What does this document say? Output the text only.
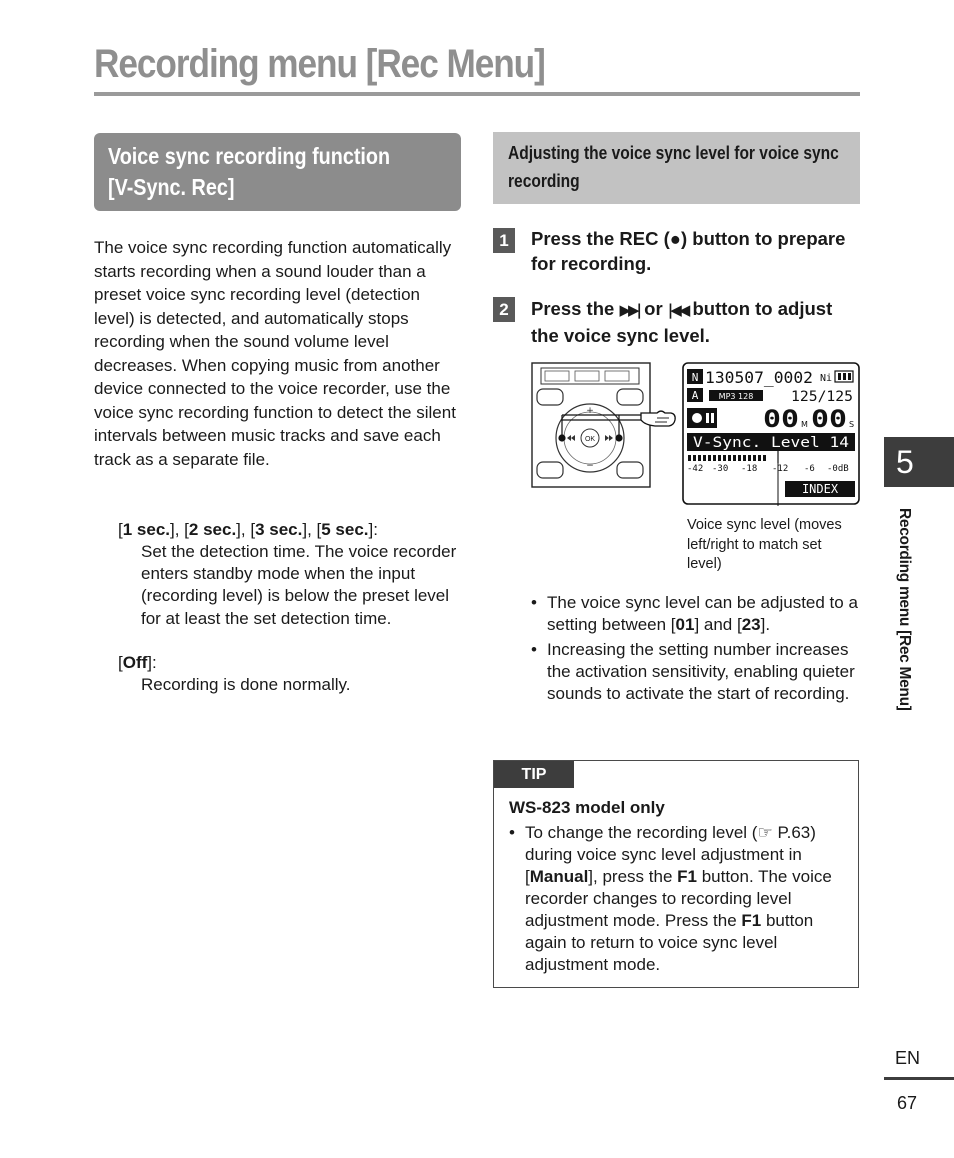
Recording menu [Rec Menu]
Voice sync recording function
[V-Sync. Rec]

The voice sync recording function automatically starts recording when a sound louder than a preset voice sync recording level (detection level) is detected, and automatically stops recording when the sound volume level decreases. When copying music from another device connected to the voice recorder, use the voice sync recording function to detect the silent intervals between music tracks and save each track as a separate file.

[1 sec.], [2 sec.], [3 sec.], [5 sec.]:

Set the detection time. The voice recorder enters standby mode when the input (recording level) is below the preset level for at least the set detection time.

[Off]:

Recording is done normally.

Adjusting the voice sync level for voice sync
recording
1	Press the REC (●) button to prepare for recording.
2	Press the ▶▶| or |◀◀ button to adjust the voice sync level.
OK
+
−
N 130507_0002 Ni
A	MP3 128	125/125
00 M 00 S
V-Sync. Level 14
-42 -30 -18 -12 -6 -0dB
INDEX

Voice sync level (moves left/right to match set level)

• The voice sync level can be adjusted to a setting between [01] and [23].
• Increasing the setting number increases the activation sensitivity, enabling quieter sounds to activate the start of recording.
TIP
WS-823 model only
• To change the recording level (☞ P.63) during voice sync level adjustment in [Manual], press the F1 button. The voice recorder changes to recording level adjustment mode. Press the F1 button again to return to voice sync level adjustment mode.
5
Recording menu [Rec Menu]
EN
67
